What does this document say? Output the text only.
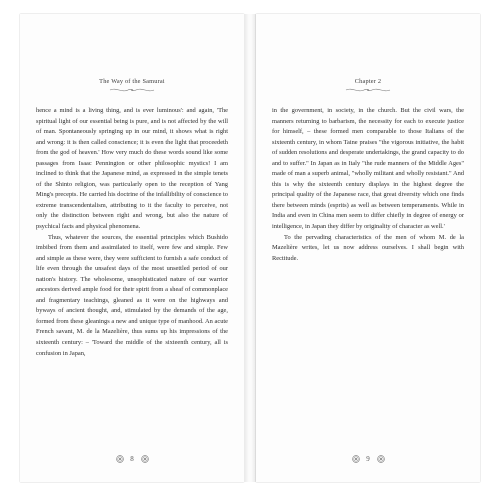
The Way of the Samurai

hence a mind is a living thing, and is ever luminous': and again, 'The spiritual light of our essential being is pure, and is not affected by the will of man. Spontaneously springing up in our mind, it shows what is right and wrong: it is then called conscience; it is even the light that proceedeth from the god of heaven.' How very much do these words sound like some passages from Isaac Pennington or other philosophic mystics! I am inclined to think that the Japanese mind, as expressed in the simple tenets of the Shinto religion, was particularly open to the reception of Yang Ming's precepts. He carried his doctrine of the infallibility of conscience to extreme transcendentalism, attributing to it the faculty to perceive, not only the distinction between right and wrong, but also the nature of psychical facts and physical phenomena.

Thus, whatever the sources, the essential principles which Bushido imbibed from them and assimilated to itself, were few and simple. Few and simple as these were, they were sufficient to furnish a safe conduct of life even through the unsafest days of the most unsettled period of our nation's history. The wholesome, unsophisticated nature of our warrior ancestors derived ample food for their spirit from a sheaf of commonplace and fragmentary teachings, gleaned as it were on the highways and byways of ancient thought, and, stimulated by the demands of the age, formed from these gleanings a new and unique type of manhood. An acute French savant, M. de la Mazelière, thus sums up his impressions of the sixteenth century: – 'Toward the middle of the sixteenth century, all is confusion in Japan,

8
Chapter 2

in the government, in society, in the church. But the civil wars, the manners returning to barbarism, the necessity for each to execute justice for himself, – these formed men comparable to those Italians of the sixteenth century, in whom Taine praises "the vigorous initiative, the habit of sudden resolutions and desperate undertakings, the grand capacity to do and to suffer." In Japan as in Italy "the rude manners of the Middle Ages" made of man a superb animal, "wholly militant and wholly resistant." And this is why the sixteenth century displays in the highest degree the principal quality of the Japanese race, that great diversity which one finds there between minds (esprits) as well as between temperaments. While in India and even in China men seem to differ chiefly in degree of energy or intelligence, in Japan they differ by originality of character as well.'

To the pervading characteristics of the men of whom M. de la Mazelière writes, let us now address ourselves. I shall begin with Rectitude.

9
